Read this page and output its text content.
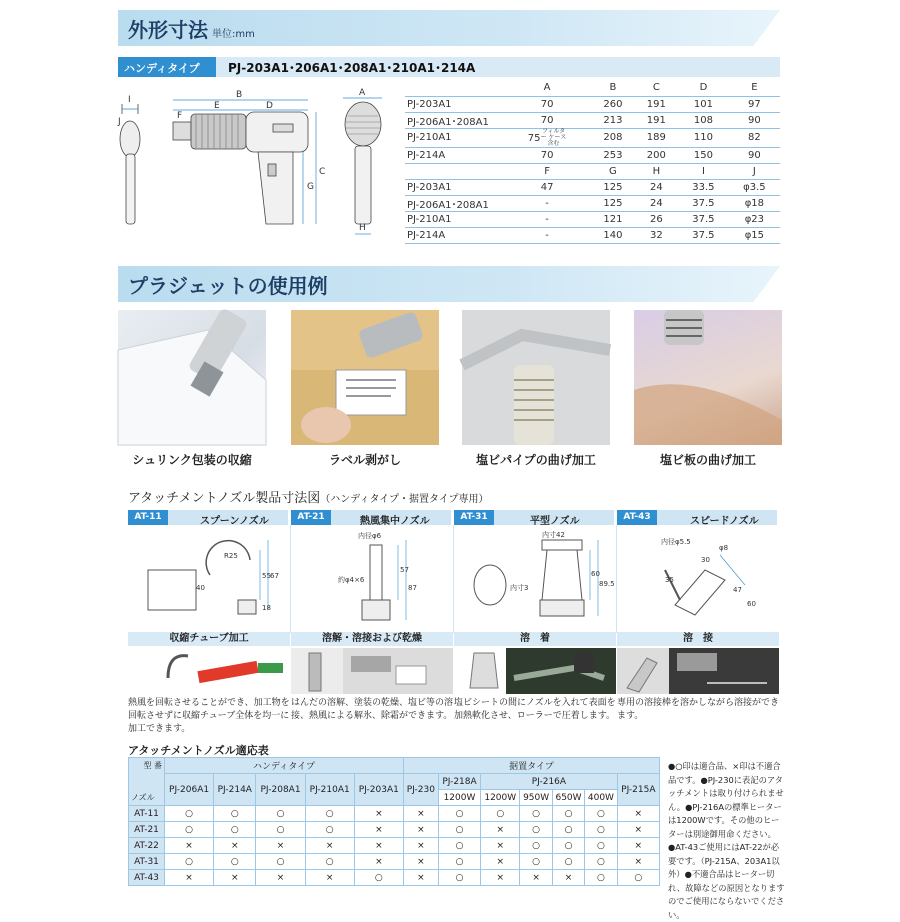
外形寸法 単位:mm
ハンディタイプ	PJ-203A1･206A1･208A1･210A1･214A
I
J
B
F
E	D
A
C
G
H
	A	B	C	D	E
PJ-203A1	70	260	191	101	97
PJ-206A1･208A1	70	213	191	108	90
PJ-210A1	75フィルター ケース含む	208	189	110	82
PJ-214A	70	253	200	150	90
	F	G	H	I	J
PJ-203A1	47	125	24	33.5	φ3.5
PJ-206A1･208A1	-	125	24	37.5	φ18
PJ-210A1	-	121	26	37.5	φ23
PJ-214A	-	140	32	37.5	φ15
プラジェットの使用例
シュリンク包装の収縮	ラベル剥がし	塩ビパイプの曲げ加工	塩ビ板の曲げ加工
アタッチメントノズル製品寸法図（ハンディタイプ・据置タイプ専用）
AT-11	AT-21	AT-31	AT-43
スプーンノズル	熱風集中ノズル	平型ノズル	スピードノズル
R25
55 67
40
18
内径φ6
約φ4×6
57
87
内寸42
内寸3
60
89.5
内径φ5.5
φ8
30
35
47
60
収縮チューブ加工	溶解・溶接および乾燥	溶　着	溶　接
熱風を回転させることができ、加工物を回転させずに収縮チューブ全体を均一に加工できます。
はんだの溶解、塗装の乾燥、塩ビ等の溶接、熱風による解氷、除霜ができます。
塩ビシートの間にノズルを入れて表面を加熱軟化させ、ローラーで圧着します。
専用の溶接棒を溶かしながら溶接ができます。
アタッチメントノズル適応表
型 番
ノズル	ハンディタイプ					据置タイプ						
	PJ-206A1	PJ-214A	PJ-208A1	PJ-210A1	PJ-203A1	PJ-230	PJ-218A	PJ-216A				PJ-215A
							1200W	1200W	950W	650W	400W	
AT-11	○	○	○	○	×	×	○	○	○	○	○	×
AT-21	○	○	○	○	×	×	○	×	○	○	○	×
AT-22	×	×	×	×	×	×	○	×	○	○	○	×
AT-31	○	○	○	○	×	×	○	×	○	○	○	×
AT-43	×	×	×	×	○	×	○	×	×	×	○	○
●○印は適合品、×印は不適合品です。●PJ-230に表記のアタッチメントは取り付けられません。●PJ-216Aの標準ヒーターは1200Wです。その他のヒーターは別途御用命ください。●AT-43ご使用にはAT-22が必要です。（PJ-215A、203A1以外）●不適合品はヒーター切れ、故障などの原因となりますのでご使用にならないでください。
